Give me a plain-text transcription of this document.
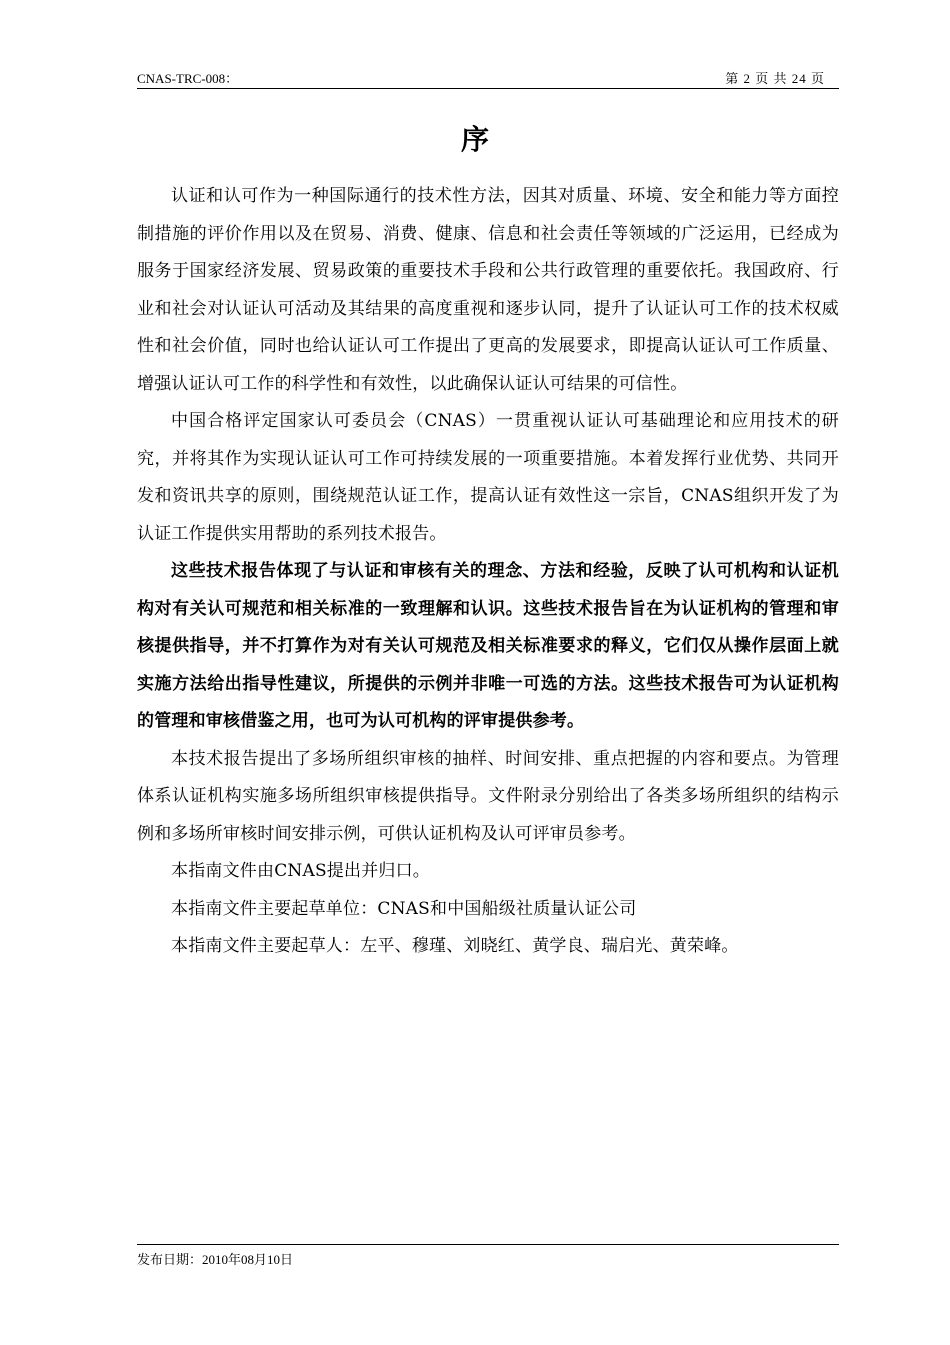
CNAS-TRC-008：	第 2 页 共 24 页
序

认证和认可作为一种国际通行的技术性方法，因其对质量、环境、安全和能力等方面控制措施的评价作用以及在贸易、消费、健康、信息和社会责任等领域的广泛运用，已经成为服务于国家经济发展、贸易政策的重要技术手段和公共行政管理的重要依托。我国政府、行业和社会对认证认可活动及其结果的高度重视和逐步认同，提升了认证认可工作的技术权威性和社会价值，同时也给认证认可工作提出了更高的发展要求，即提高认证认可工作质量、增强认证认可工作的科学性和有效性，以此确保认证认可结果的可信性。

中国合格评定国家认可委员会（CNAS）一贯重视认证认可基础理论和应用技术的研究，并将其作为实现认证认可工作可持续发展的一项重要措施。本着发挥行业优势、共同开发和资讯共享的原则，围绕规范认证工作，提高认证有效性这一宗旨，CNAS组织开发了为认证工作提供实用帮助的系列技术报告。

这些技术报告体现了与认证和审核有关的理念、方法和经验，反映了认可机构和认证机构对有关认可规范和相关标准的一致理解和认识。这些技术报告旨在为认证机构的管理和审核提供指导，并不打算作为对有关认可规范及相关标准要求的释义，它们仅从操作层面上就实施方法给出指导性建议，所提供的示例并非唯一可选的方法。这些技术报告可为认证机构的管理和审核借鉴之用，也可为认可机构的评审提供参考。

本技术报告提出了多场所组织审核的抽样、时间安排、重点把握的内容和要点。为管理体系认证机构实施多场所组织审核提供指导。文件附录分别给出了各类多场所组织的结构示例和多场所审核时间安排示例，可供认证机构及认可评审员参考。

本指南文件由CNAS提出并归口。

本指南文件主要起草单位：CNAS和中国船级社质量认证公司

本指南文件主要起草人：左平、穆瑾、刘晓红、黄学良、瑞启光、黄荣峰。

发布日期：2010年08月10日
